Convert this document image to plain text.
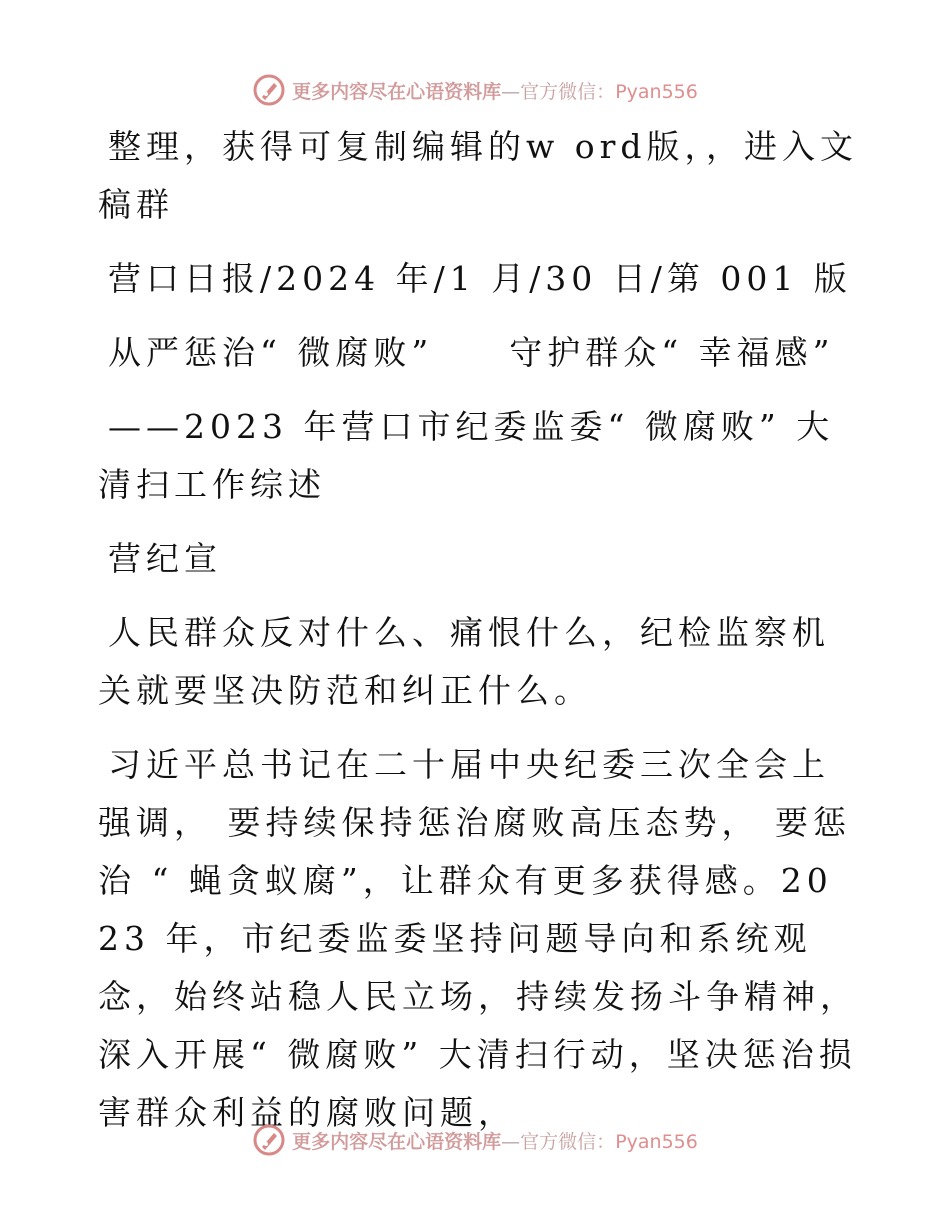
更多内容尽在心语资料库—官方微信：Pyan556

整理，获得可复制编辑的w ord版，，进入文稿群

营口日报/2024 年/1 月/30 日/第 001 版

从严惩治“ 微腐败”　　守护群众“ 幸福感”

——2023 年营口市纪委监委“ 微腐败” 大清扫工作综述

营纪宣

人民群众反对什么、痛恨什么，纪检监察机关就要坚决防范和纠正什么。

习近平总书记在二十届中央纪委三次全会上强调， 要持续保持惩治腐败高压态势， 要惩治 “ 蝇贪蚁腐”，让群众有更多获得感。2023 年，市纪委监委坚持问题导向和系统观念，始终站稳人民立场，持续发扬斗争精神，深入开展“ 微腐败” 大清扫行动，坚决惩治损害群众利益的腐败问题，

更多内容尽在心语资料库—官方微信：Pyan556
